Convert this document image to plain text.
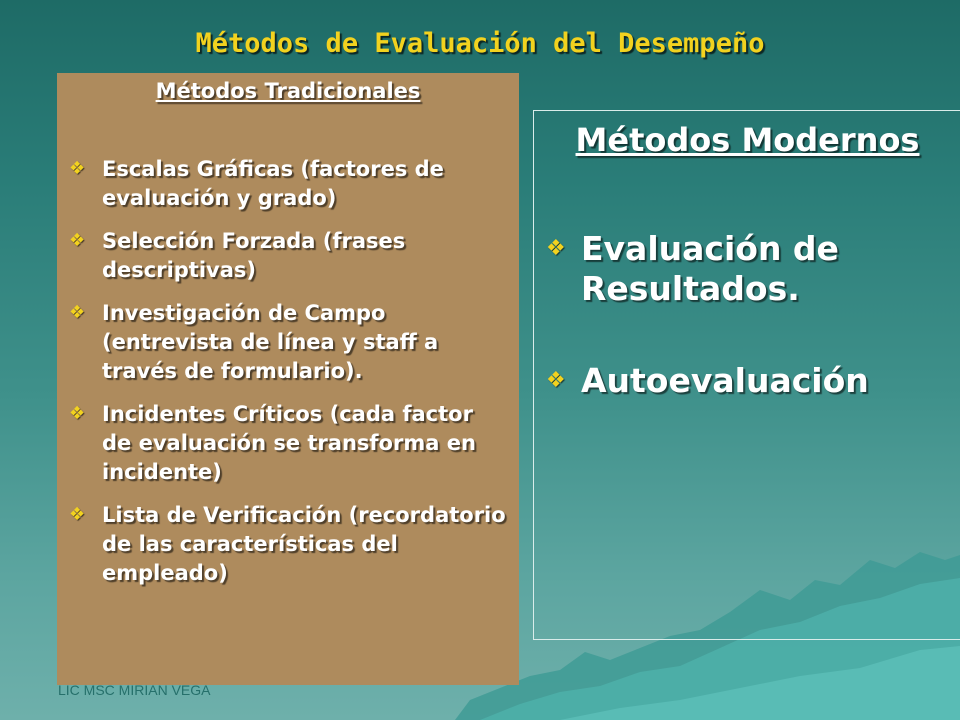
Métodos de Evaluación del Desempeño
Métodos Tradicionales
❖ Escalas Gráficas (factores de evaluación y grado)
❖ Selección Forzada (frases descriptivas)
❖ Investigación de Campo (entrevista de línea y staff a través de formulario).
❖ Incidentes Críticos (cada factor de evaluación se transforma en incidente)
❖ Lista de Verificación (recordatorio de las características del empleado)
Métodos Modernos
❖ Evaluación de Resultados.
❖ Autoevaluación
LIC MSC MIRIAN VEGA
